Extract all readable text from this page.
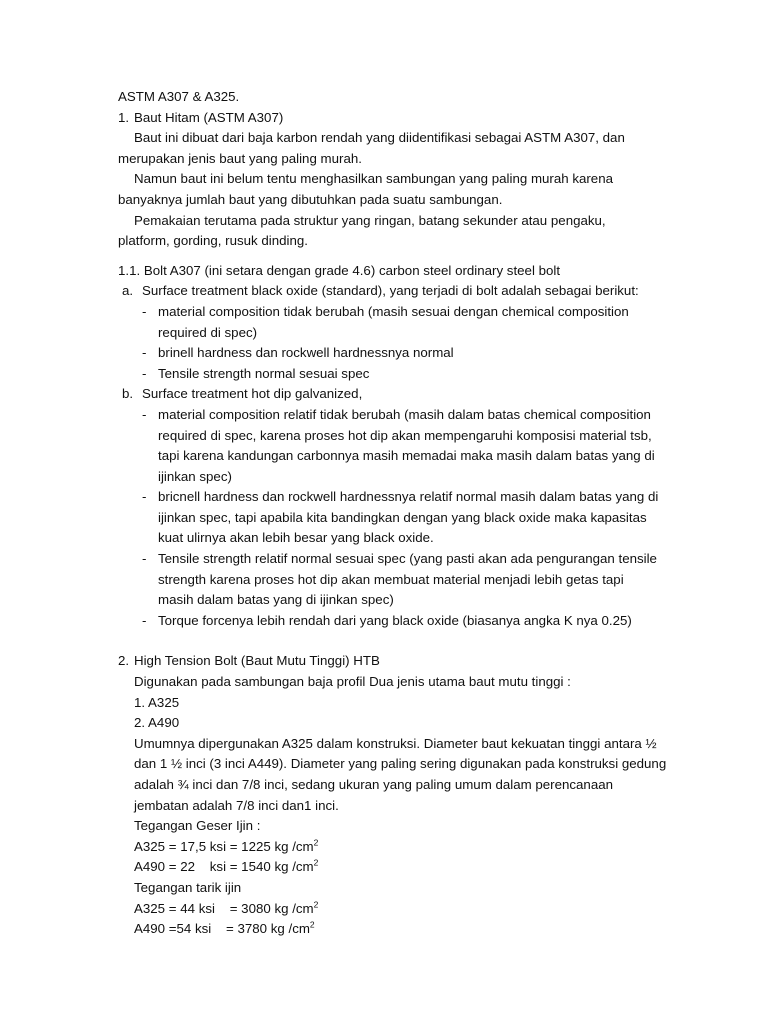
ASTM A307 & A325.
1. Baut Hitam (ASTM A307)
Baut ini dibuat dari baja karbon rendah yang diidentifikasi sebagai ASTM A307, dan
merupakan jenis baut yang paling murah.
Namun baut ini belum tentu menghasilkan sambungan yang paling murah karena
banyaknya jumlah baut yang dibutuhkan pada suatu sambungan.
Pemakaian terutama pada struktur yang ringan, batang sekunder atau pengaku,
platform, gording, rusuk dinding.
1.1. Bolt A307 (ini setara dengan grade 4.6) carbon steel ordinary steel bolt
a. Surface treatment black oxide (standard), yang terjadi di bolt adalah sebagai berikut:
- material composition tidak berubah (masih sesuai dengan chemical composition
required di spec)
- brinell hardness dan rockwell hardnessnya normal
- Tensile strength normal sesuai spec
b. Surface treatment hot dip galvanized,
- material composition relatif tidak berubah (masih dalam batas chemical composition
required di spec, karena proses hot dip akan mempengaruhi komposisi material tsb,
tapi karena kandungan carbonnya masih memadai maka masih dalam batas yang di
ijinkan spec)
- bricnell hardness dan rockwell hardnessnya relatif normal masih dalam batas yang di
ijinkan spec, tapi apabila kita bandingkan dengan yang black oxide maka kapasitas
kuat ulirnya akan lebih besar yang black oxide.
- Tensile strength relatif normal sesuai spec (yang pasti akan ada pengurangan tensile
strength karena proses hot dip akan membuat material menjadi lebih getas tapi
masih dalam batas yang di ijinkan spec)
- Torque forcenya lebih rendah dari yang black oxide (biasanya angka K nya 0.25)
2. High Tension Bolt (Baut Mutu Tinggi) HTB
Digunakan pada sambungan baja profil Dua jenis utama baut mutu tinggi :
1. A325
2. A490
Umumnya dipergunakan A325 dalam konstruksi. Diameter baut kekuatan tinggi antara ½
dan 1 ½ inci (3 inci A449). Diameter yang paling sering digunakan pada konstruksi gedung
adalah ¾ inci dan 7/8 inci, sedang ukuran yang paling umum dalam perencanaan
jembatan adalah 7/8 inci dan1 inci.
Tegangan Geser Ijin :
A325 = 17,5 ksi = 1225 kg $/cm^2$
A490 = 22    ksi = 1540 kg $/cm^2$
Tegangan tarik ijin
A325 = 44 ksi    = 3080 kg $/cm^2$
A490 =54 ksi    = 3780 kg $/cm^2$
